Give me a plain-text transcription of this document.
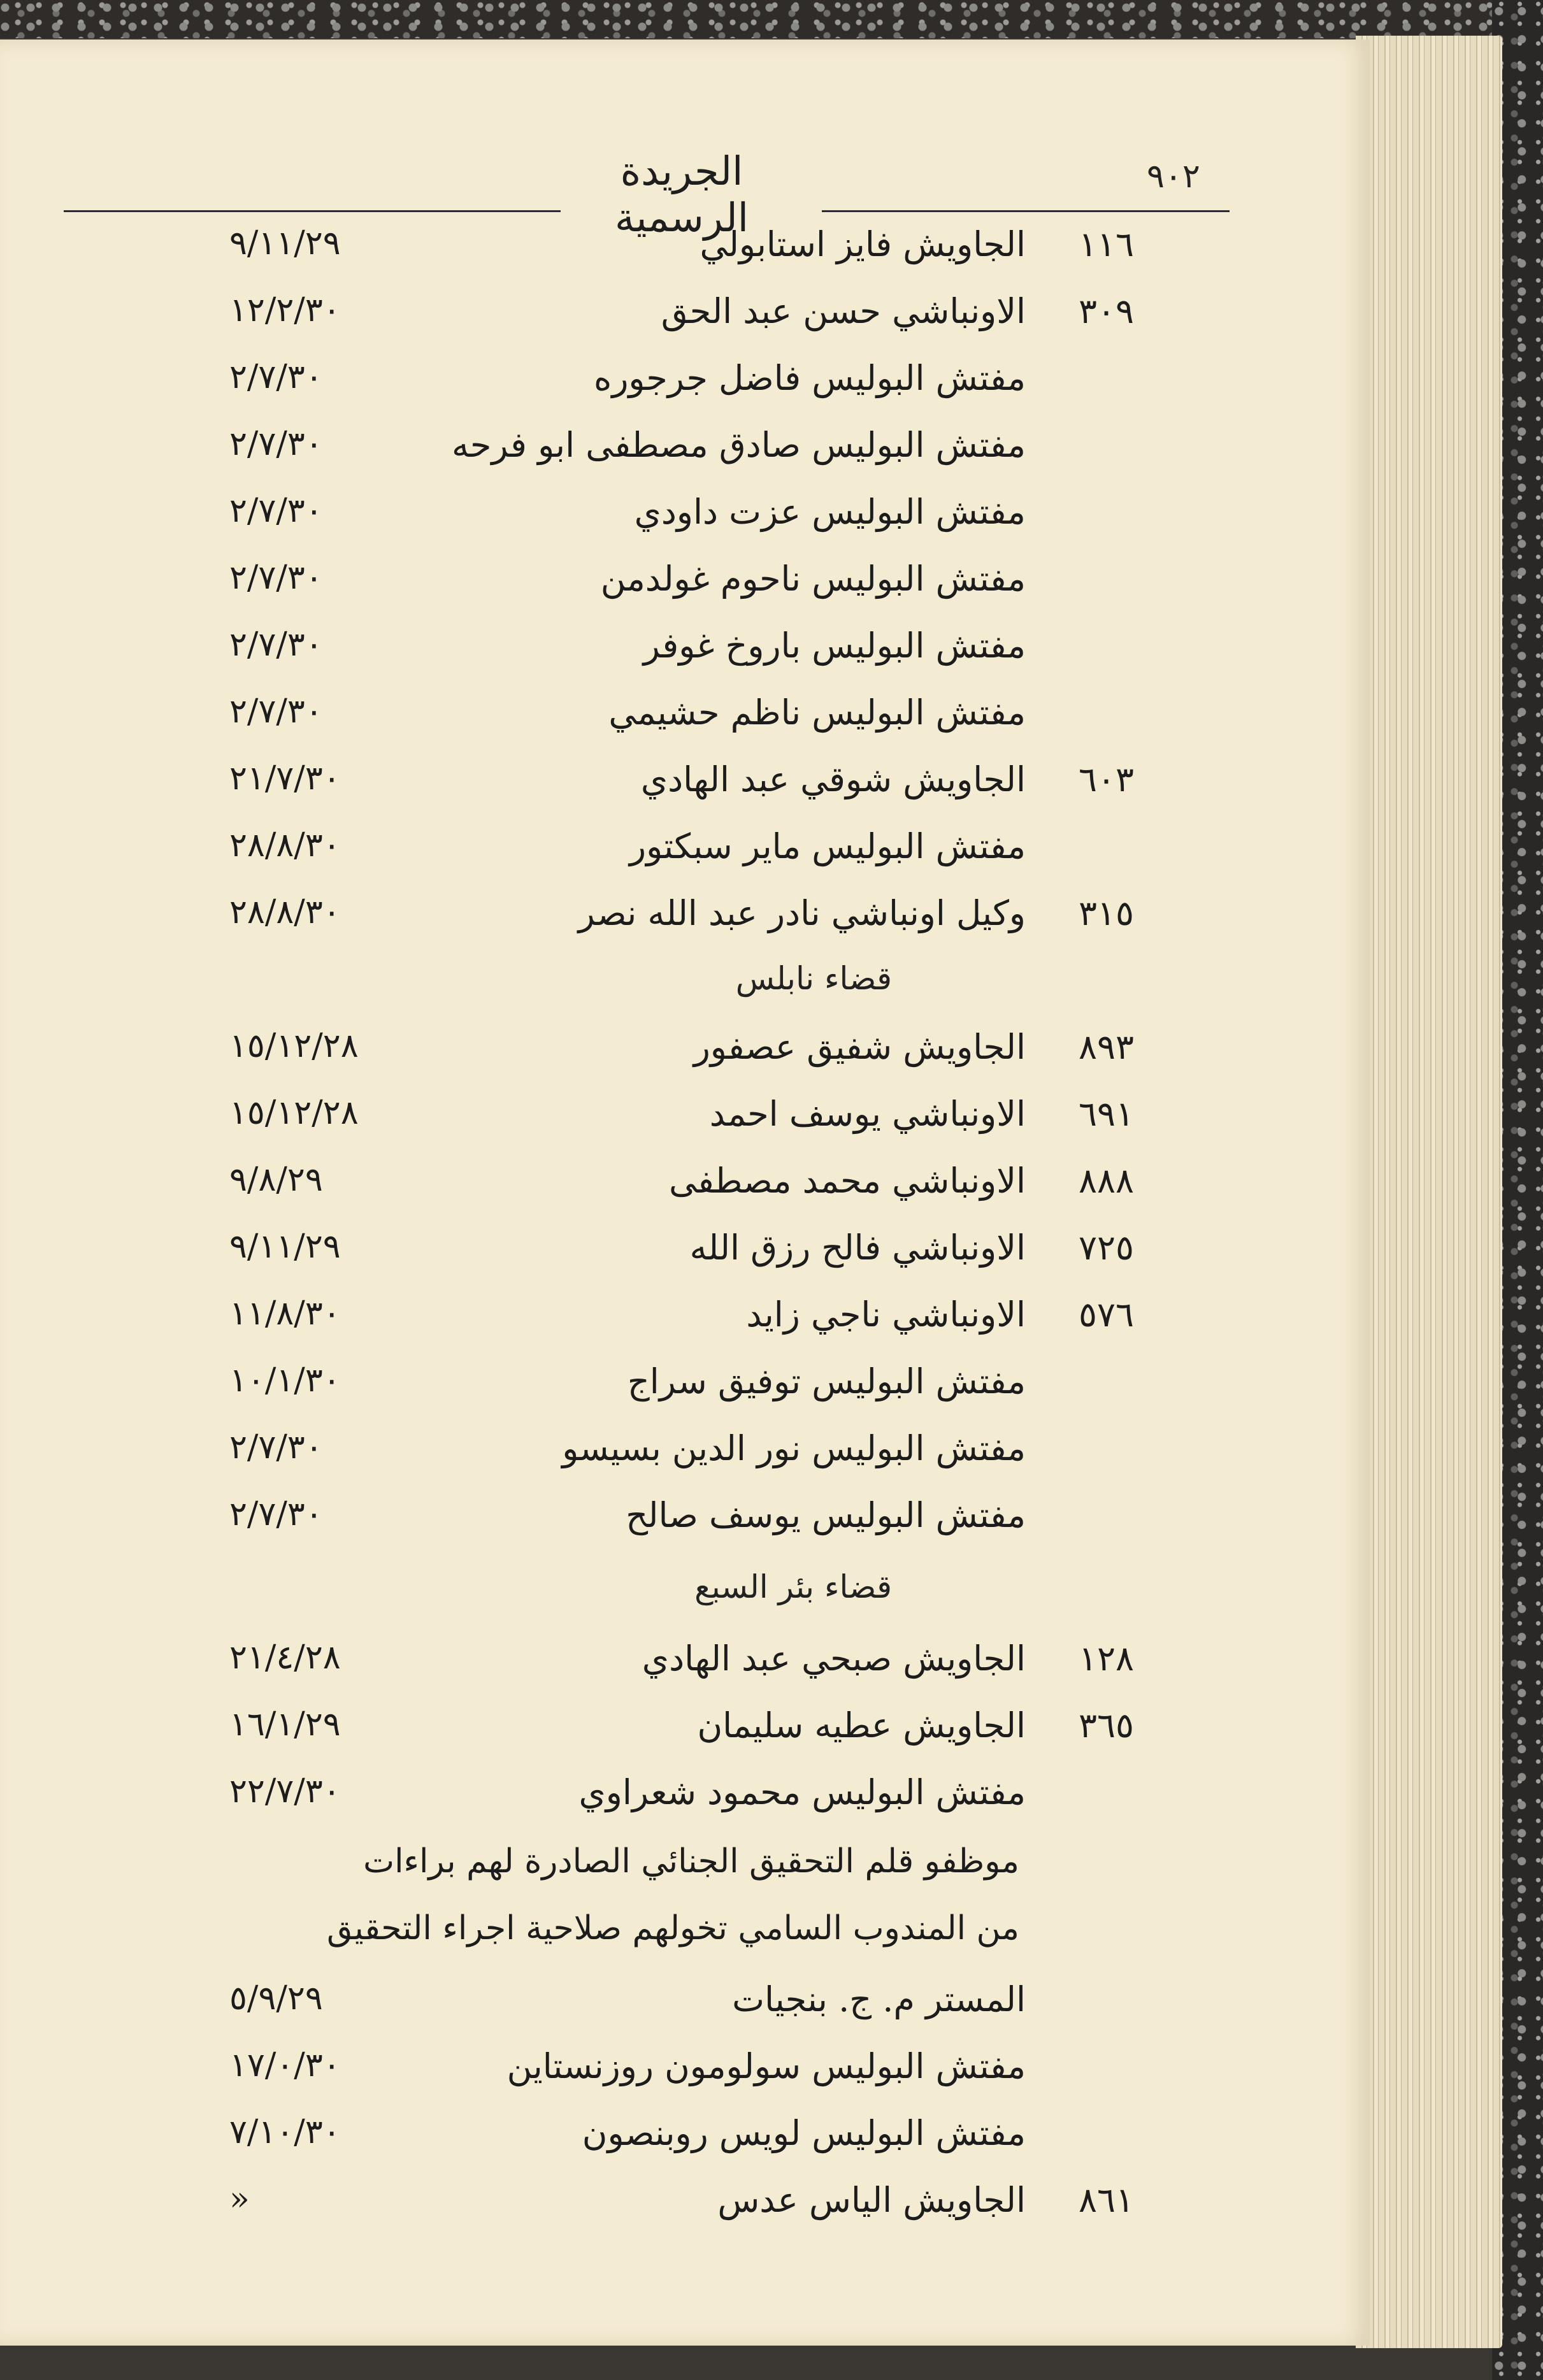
٩٠٢
الجريدة الرسمية
٩/١١/٢٩	١١٦الجاويش فايز استابولي
١٢/٢/٣٠	٣٠٩الاونباشي حسن عبد الحق
٢/٧/٣٠	مفتش البوليس فاضل جرجوره
٢/٧/٣٠	مفتش البوليس صادق مصطفى ابو فرحه
٢/٧/٣٠	مفتش البوليس عزت داودي
٢/٧/٣٠	مفتش البوليس ناحوم غولدمن
٢/٧/٣٠	مفتش البوليس باروخ غوفر
٢/٧/٣٠	مفتش البوليس ناظم حشيمي
٢١/٧/٣٠	٦٠٣الجاويش شوقي عبد الهادي
٢٨/٨/٣٠	مفتش البوليس ماير سبكتور
٢٨/٨/٣٠	٣١٥وكيل اونباشي نادر عبد الله نصر
قضاء نابلس
١٥/١٢/٢٨	٨٩٣الجاويش شفيق عصفور
١٥/١٢/٢٨	٦٩١الاونباشي يوسف احمد
٩/٨/٢٩	٨٨٨الاونباشي محمد مصطفى
٩/١١/٢٩	٧٢٥الاونباشي فالح رزق الله
١١/٨/٣٠	٥٧٦الاونباشي ناجي زايد
١٠/١/٣٠	مفتش البوليس توفيق سراج
٢/٧/٣٠	مفتش البوليس نور الدين بسيسو
٢/٧/٣٠	مفتش البوليس يوسف صالح
قضاء بئر السبع
٢١/٤/٢٨	١٢٨الجاويش صبحي عبد الهادي
١٦/١/٢٩	٣٦٥الجاويش عطيه سليمان
٢٢/٧/٣٠	مفتش البوليس محمود شعراوي
موظفو قلم التحقيق الجنائي الصادرة لهم براءات
من المندوب السامي تخولهم صلاحية اجراء التحقيق
٥/٩/٢٩	المستر م. ج. بنجيات
١٧/٠/٣٠	مفتش البوليس سولومون روزنستاين
٧/١٠/٣٠	مفتش البوليس لويس روبنصون
«	٨٦١الجاويش الياس عدس
